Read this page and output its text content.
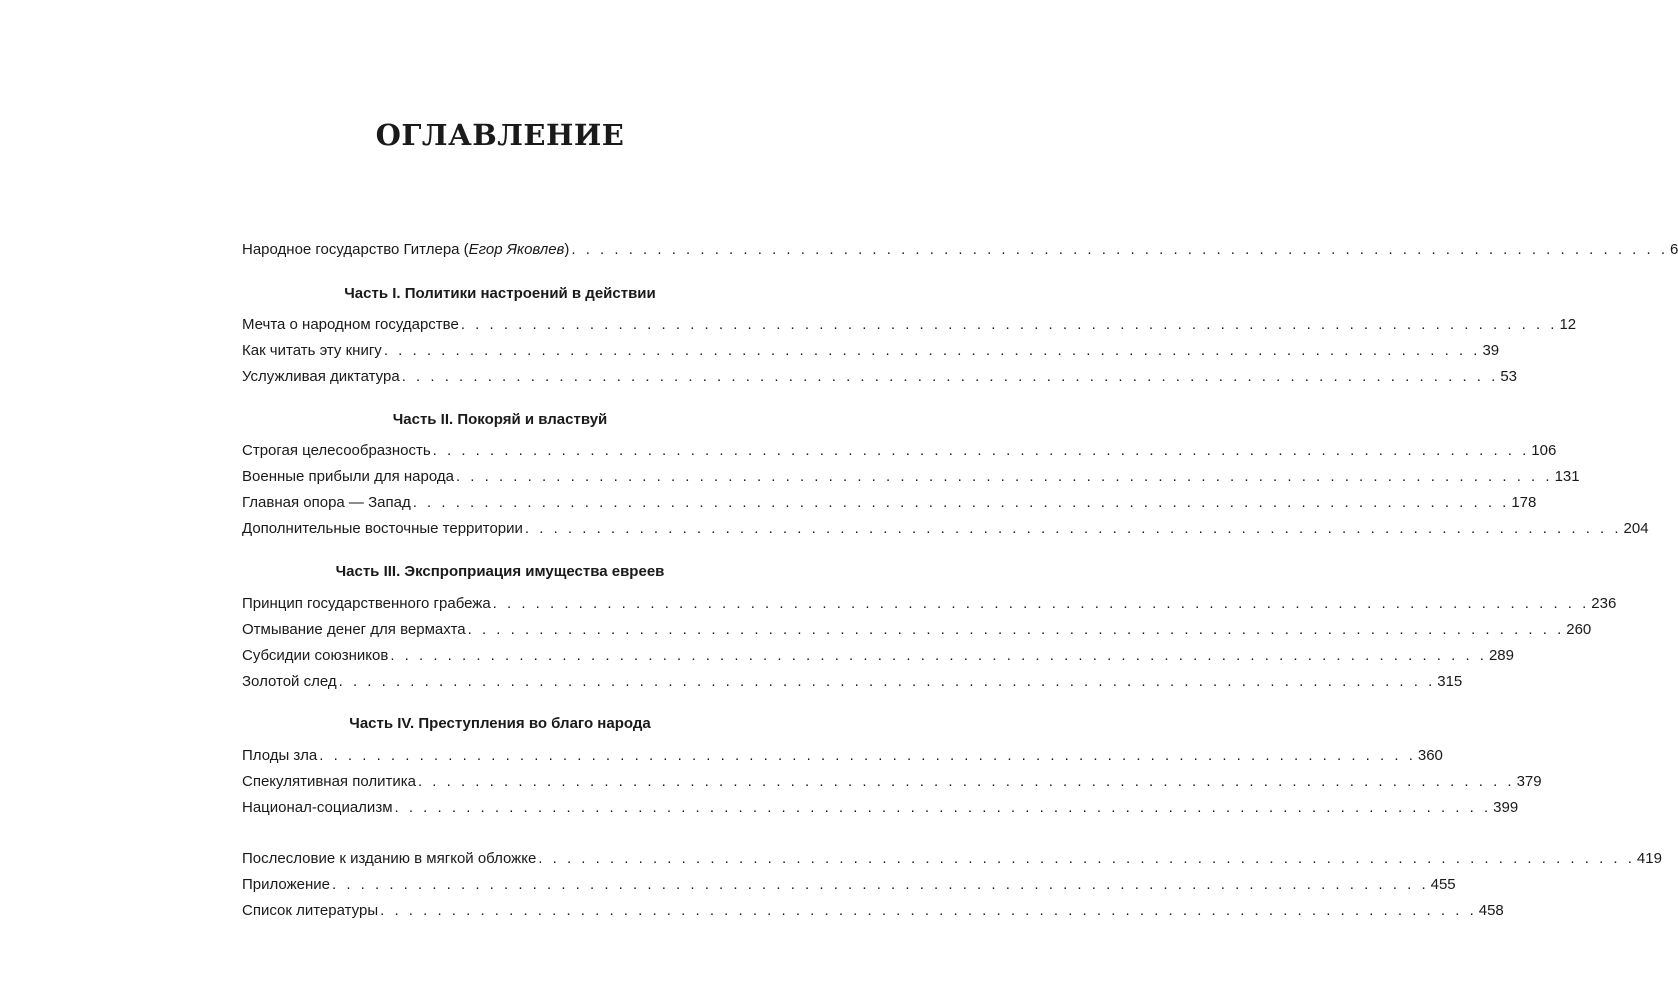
ОГЛАВЛЕНИЕ
Народное государство Гитлера (Егор Яковлев) . . . . . . . . . . . . . . . . . . . . . . . . . . . . . . . . . . . . . . . . . . . . . . . . . . . . . . . . . . . . . . . . . . . . . . . . . . . . . 6
Часть I. Политики настроений в действии
Мечта о народном государстве . . . . . . . . . . . . . . . . . . . . . . . . . . . . . . . . . . . . . . . . . . . . . . . . . . . . . . . . . . . . . . . . . . . . . . . . . . . . . 12
Как читать эту книгу . . . . . . . . . . . . . . . . . . . . . . . . . . . . . . . . . . . . . . . . . . . . . . . . . . . . . . . . . . . . . . . . . . . . . . . . . . . . . 39
Услужливая диктатура . . . . . . . . . . . . . . . . . . . . . . . . . . . . . . . . . . . . . . . . . . . . . . . . . . . . . . . . . . . . . . . . . . . . . . . . . . . . . 53
Часть II. Покоряй и властвуй
Строгая целесообразность . . . . . . . . . . . . . . . . . . . . . . . . . . . . . . . . . . . . . . . . . . . . . . . . . . . . . . . . . . . . . . . . . . . . . . . . . . . . . 106
Военные прибыли для народа . . . . . . . . . . . . . . . . . . . . . . . . . . . . . . . . . . . . . . . . . . . . . . . . . . . . . . . . . . . . . . . . . . . . . . . . . . . . . 131
Главная опора — Запад . . . . . . . . . . . . . . . . . . . . . . . . . . . . . . . . . . . . . . . . . . . . . . . . . . . . . . . . . . . . . . . . . . . . . . . . . . . . . 178
Дополнительные восточные территории . . . . . . . . . . . . . . . . . . . . . . . . . . . . . . . . . . . . . . . . . . . . . . . . . . . . . . . . . . . . . . . . . . . . . . . . . . . . . 204
Часть III. Экспроприация имущества евреев
Принцип государственного грабежа . . . . . . . . . . . . . . . . . . . . . . . . . . . . . . . . . . . . . . . . . . . . . . . . . . . . . . . . . . . . . . . . . . . . . . . . . . . . . 236
Отмывание денег для вермахта . . . . . . . . . . . . . . . . . . . . . . . . . . . . . . . . . . . . . . . . . . . . . . . . . . . . . . . . . . . . . . . . . . . . . . . . . . . . . 260
Субсидии союзников . . . . . . . . . . . . . . . . . . . . . . . . . . . . . . . . . . . . . . . . . . . . . . . . . . . . . . . . . . . . . . . . . . . . . . . . . . . . . 289
Золотой след . . . . . . . . . . . . . . . . . . . . . . . . . . . . . . . . . . . . . . . . . . . . . . . . . . . . . . . . . . . . . . . . . . . . . . . . . . . . . 315
Часть IV. Преступления во благо народа
Плоды зла . . . . . . . . . . . . . . . . . . . . . . . . . . . . . . . . . . . . . . . . . . . . . . . . . . . . . . . . . . . . . . . . . . . . . . . . . . . . . 360
Спекулятивная политика . . . . . . . . . . . . . . . . . . . . . . . . . . . . . . . . . . . . . . . . . . . . . . . . . . . . . . . . . . . . . . . . . . . . . . . . . . . . . 379
Национал-социализм . . . . . . . . . . . . . . . . . . . . . . . . . . . . . . . . . . . . . . . . . . . . . . . . . . . . . . . . . . . . . . . . . . . . . . . . . . . . . 399
Послесловие к изданию в мягкой обложке . . . . . . . . . . . . . . . . . . . . . . . . . . . . . . . . . . . . . . . . . . . . . . . . . . . . . . . . . . . . . . . . . . . . . . . . . . . . . 419
Приложение . . . . . . . . . . . . . . . . . . . . . . . . . . . . . . . . . . . . . . . . . . . . . . . . . . . . . . . . . . . . . . . . . . . . . . . . . . . . . 455
Список литературы . . . . . . . . . . . . . . . . . . . . . . . . . . . . . . . . . . . . . . . . . . . . . . . . . . . . . . . . . . . . . . . . . . . . . . . . . . . . . 458
